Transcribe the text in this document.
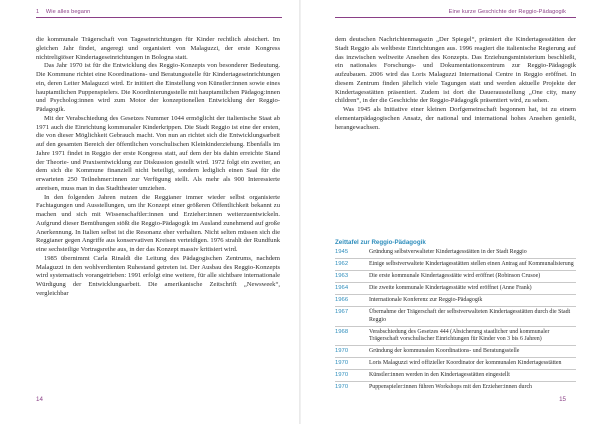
1 Wie alles begann

die kommunale Trägerschaft von Tageseinrichtungen für Kinder rechtlich absichert. Im gleichen Jahr findet, angeregt und organisiert von Malaguzzi, der erste Kongress nichtreligiöser Kindertageseinrichtungen in Bologna statt.

Das Jahr 1970 ist für die Entwicklung des Reggio-Konzepts von besonderer Bedeutung. Die Kommune richtet eine Koordinations- und Beratungsstelle für Kindertageseinrichtungen ein, deren Leiter Malaguzzi wird. Er initiiert die Einstellung von Künstler:innen sowie eines hauptamtlichen Puppenspielers. Die Koordinierungsstelle mit hauptamtlichen Pädagog:innen und Psycholog:innen wird zum Motor der konzeptionellen Entwicklung der Reggio-Pädagogik.

Mit der Verabschiedung des Gesetzes Nummer 1044 ermöglicht der italienische Staat ab 1971 auch die Einrichtung kommunaler Kinderkrippen. Die Stadt Reggio ist eine der ersten, die von dieser Möglichkeit Gebrauch macht. Von nun an richtet sich die Entwicklungsarbeit auf den gesamten Bereich der öffentlichen vorschulischen Kleinkinderziehung. Ebenfalls im Jahre 1971 findet in Reggio der erste Kongress statt, auf dem der bis dahin erreichte Stand der Theorie- und Praxisentwicklung zur Diskussion gestellt wird. 1972 folgt ein zweiter, an dem sich die Kommune finanziell nicht beteiligt, sondern lediglich einen Saal für die erwarteten 250 Teilnehmer:innen zur Verfügung stellt. Als mehr als 900 Interessierte anreisen, muss man in das Stadttheater umziehen.

In den folgenden Jahren nutzen die Reggianer immer wieder selbst organisierte Fachtagungen und Ausstellungen, um ihr Konzept einer größeren Öffentlichkeit bekannt zu machen und sich mit Wissenschaftler:innen und Erzieher:innen weiterzuentwickeln. Aufgrund dieser Bemühungen stößt die Reggio-Pädagogik im Ausland zunehmend auf große Anerkennung. In Italien selbst ist die Resonanz eher verhalten. Nicht selten müssen sich die Reggianer gegen Angriffe aus konservativen Kreisen verteidigen. 1976 strahlt der Rundfunk eine sechsteilige Vortragsreihe aus, in der das Konzept massiv kritisiert wird.

1985 übernimmt Carla Rinaldi die Leitung des Pädagogischen Zentrums, nachdem Malaguzzi in den wohlverdienten Ruhestand getreten ist. Der Ausbau des Reggio-Konzepts wird systematisch vorangetrieben: 1991 erfolgt eine weitere, für alle sichtbare internationale Würdigung der Entwicklungsarbeit. Die amerikanische Zeitschrift „Newsweek“, vergleichbar

14
Eine kurze Geschichte der Reggio-Pädagogik

dem deutschen Nachrichtenmagazin „Der Spiegel“, prämiert die Kindertagesstätten der Stadt Reggio als weltbeste Einrichtungen aus. 1996 reagiert die italienische Regierung auf das inzwischen weltweite Ansehen des Konzepts. Das Erziehungsministerium beschließt, ein nationales Forschungs- und Dokumentationszentrum zur Reggio-Pädagogik aufzubauen. 2006 wird das Loris Malaguzzi International Centre in Reggio eröffnet. In diesem Zentrum finden jährlich viele Tagungen statt und werden aktuelle Projekte der Kindertagesstätten präsentiert. Zudem ist dort die Dauerausstellung „One city, many children“, in der die Geschichte der Reggio-Pädagogik präsentiert wird, zu sehen.

Was 1945 als Initiative einer kleinen Dorfgemeinschaft begonnen hat, ist zu einem elementarpädagogischen Ansatz, der national und international hohes Ansehen genießt, herangewachsen.

Zeittafel zur Reggio-Pädagogik
1945	Gründung selbstverwalteter Kindertagesstätten in der Stadt Reggio
1962	Einige selbstverwaltete Kindertagesstätten stellen einen Antrag auf Kommunalisierung
1963	Die erste kommunale Kindertagesstätte wird eröffnet (Robinson Crusoe)
1964	Die zweite kommunale Kindertagesstätte wird eröffnet (Anne Frank)
1966	Internationale Konferenz zur Reggio-Pädagogik
1967	Übernahme der Trägerschaft der selbstverwalteten Kindertagesstätten durch die Stadt Reggio
1968	Verabschiedung des Gesetzes 444 (Absicherung staatlicher und kommunaler Trägerschaft vorschulischer Einrichtungen für Kinder von 3 bis 6 Jahren)
1970	Gründung der kommunalen Koordinations- und Beratungsstelle
1970	Loris Malaguzzi wird offizieller Koordinator der kommunalen Kindertagesstätten
1970	Künstler:innen werden in den Kindertagesstätten eingestellt
1970	Puppenspieler:innen führen Workshops mit den Erzieher:innen durch
15
